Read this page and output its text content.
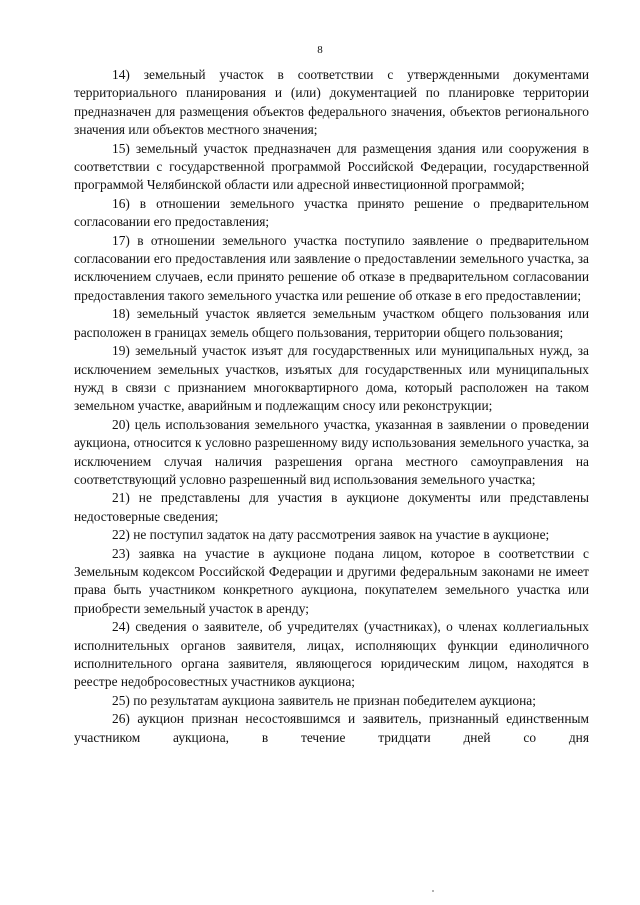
8

14) земельный участок в соответствии с утвержденными документами территориального планирования и (или) документацией по планировке территории предназначен для размещения объектов федерального значения, объектов регионального значения или объектов местного значения;

15) земельный участок предназначен для размещения здания или сооружения в соответствии с государственной программой Российской Федерации, государственной программой Челябинской области или адресной инвестиционной программой;

16) в отношении земельного участка принято решение о предварительном согласовании его предоставления;

17) в отношении земельного участка поступило заявление о предварительном согласовании его предоставления или заявление о предоставлении земельного участка, за исключением случаев, если принято решение об отказе в предварительном согласовании предоставления такого земельного участка или решение об отказе в его предоставлении;

18) земельный участок является земельным участком общего пользования или расположен в границах земель общего пользования, территории общего пользования;

19) земельный участок изъят для государственных или муниципальных нужд, за исключением земельных участков, изъятых для государственных или муниципальных нужд в связи с признанием многоквартирного дома, который расположен на таком земельном участке, аварийным и подлежащим сносу или реконструкции;

20) цель использования земельного участка, указанная в заявлении о проведении аукциона, относится к условно разрешенному виду использования земельного участка, за исключением случая наличия разрешения органа местного самоуправления на соответствующий условно разрешенный вид использования земельного участка;

21) не представлены для участия в аукционе документы или представлены недостоверные сведения;

22) не поступил задаток на дату рассмотрения заявок на участие в аукционе;

23) заявка на участие в аукционе подана лицом, которое в соответствии с Земельным кодексом Российской Федерации и другими федеральным законами не имеет права быть участником конкретного аукциона, покупателем земельного участка или приобрести земельный участок в аренду;

24) сведения о заявителе, об учредителях (участниках), о членах коллегиальных исполнительных органов заявителя, лицах, исполняющих функции единоличного исполнительного органа заявителя, являющегося юридическим лицом, находятся в реестре недобросовестных участников аукциона;

25) по результатам аукциона заявитель не признан победителем аукциона;

26) аукцион признан несостоявшимся и заявитель, признанный единственным участником аукциона, в течение тридцати дней со дня
